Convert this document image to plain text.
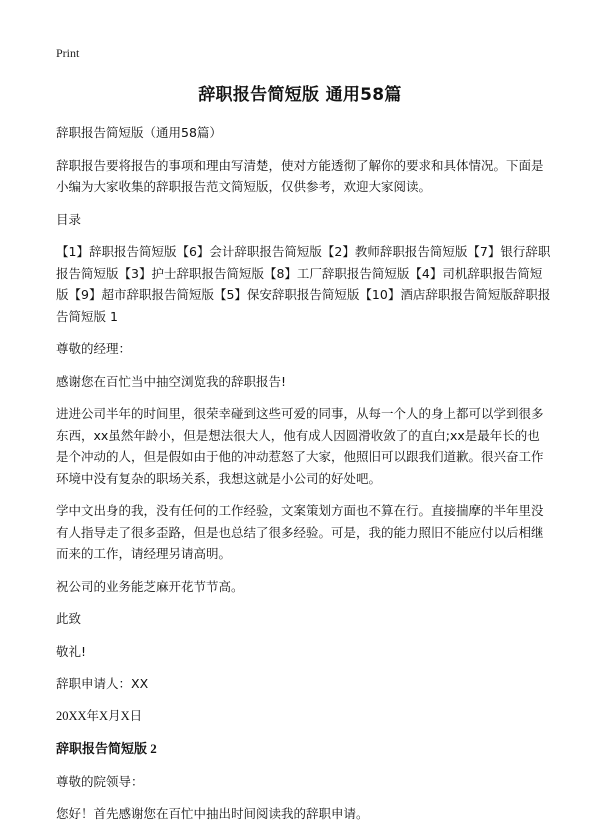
Print
辞职报告简短版 通用58篇

辞职报告简短版（通用58篇）

辞职报告要将报告的事项和理由写清楚，使对方能透彻了解你的要求和具体情况。下面是小编为大家收集的辞职报告范文简短版，仅供参考，欢迎大家阅读。

目录

【1】辞职报告简短版【6】会计辞职报告简短版【2】教师辞职报告简短版【7】银行辞职报告简短版【3】护士辞职报告简短版【8】工厂辞职报告简短版【4】司机辞职报告简短版【9】超市辞职报告简短版【5】保安辞职报告简短版【10】酒店辞职报告简短版辞职报告简短版 1

尊敬的经理：

感谢您在百忙当中抽空浏览我的辞职报告!

进进公司半年的时间里，很荣幸碰到这些可爱的同事，从每一个人的身上都可以学到很多东西，xx虽然年龄小，但是想法很大人，他有成人因圆滑收敛了的直白;xx是最年长的也是个冲动的人，但是假如由于他的冲动惹怒了大家，他照旧可以跟我们道歉。很兴奋工作环境中没有复杂的职场关系，我想这就是小公司的好处吧。

学中文出身的我，没有任何的工作经验，文案策划方面也不算在行。直接揣摩的半年里没有人指导走了很多歪路，但是也总结了很多经验。可是，我的能力照旧不能应付以后相继而来的工作，请经理另请高明。

祝公司的业务能芝麻开花节节高。

此致

敬礼!

辞职申请人：XX

20XX年X月X日

辞职报告简短版 2

尊敬的院领导：

您好！首先感谢您在百忙中抽出时间阅读我的辞职申请。
